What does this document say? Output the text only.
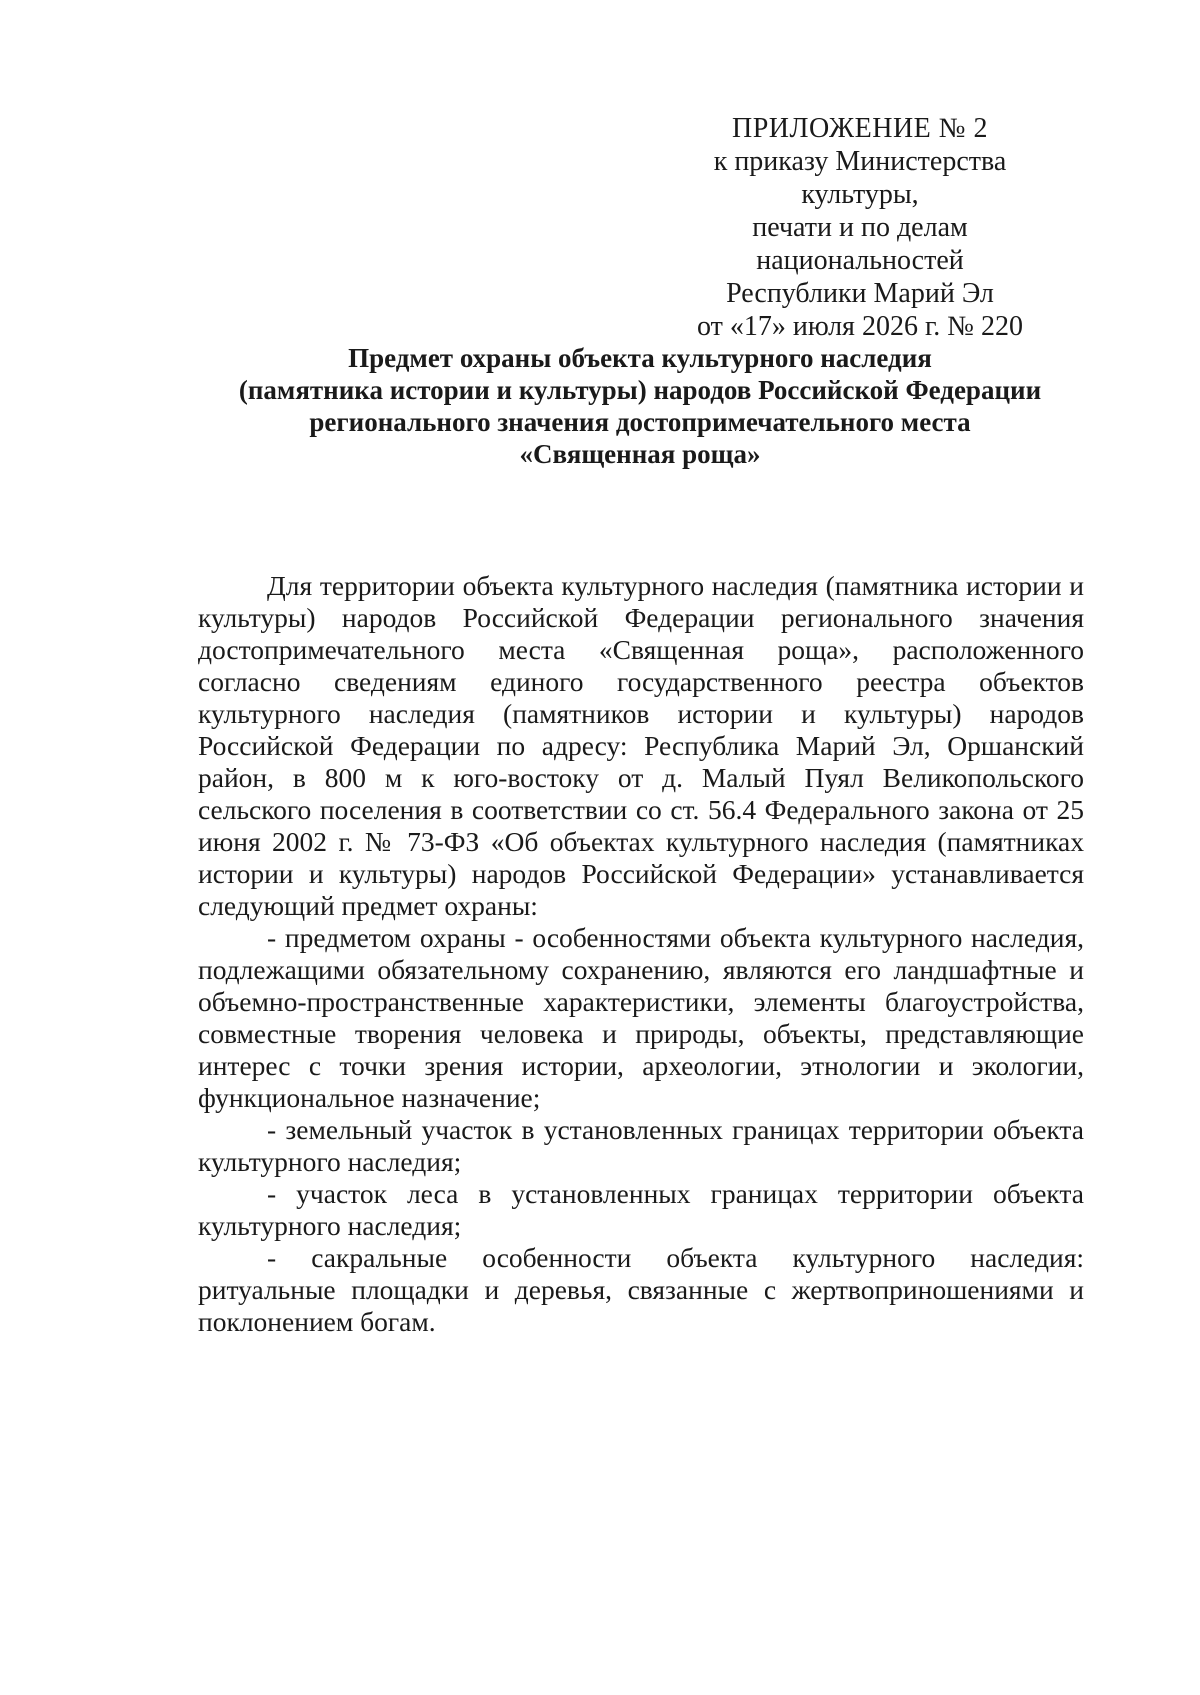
ПРИЛОЖЕНИЕ № 2
к приказу Министерства культуры,
печати и по делам национальностей
Республики Марий Эл
от «17» июля 2026 г. № 220
Предмет охраны объекта культурного наследия
(памятника истории и культуры) народов Российской Федерации
регионального значения достопримечательного места
«Священная роща»

Для территории объекта культурного наследия (памятника истории и культуры) народов Российской Федерации регионального значения достопримечательного места «Священная роща», расположенного согласно сведениям единого государственного реестра объектов культурного наследия (памятников истории и культуры) народов Российской Федерации по адресу: Республика Марий Эл, Оршанский район, в 800 м к юго-востоку от д. Малый Пуял Великопольского сельского поселения в соответствии со ст. 56.4 Федерального закона от 25 июня 2002 г. № 73-ФЗ «Об объектах культурного наследия (памятниках истории и культуры) народов Российской Федерации» устанавливается следующий предмет охраны:

- предметом охраны - особенностями объекта культурного наследия, подлежащими обязательному сохранению, являются его ландшафтные и объемно-пространственные характеристики, элементы благоустройства, совместные творения человека и природы, объекты, представляющие интерес с точки зрения истории, археологии, этнологии и экологии, функциональное назначение;

- земельный участок в установленных границах территории объекта культурного наследия;

- участок леса в установленных границах территории объекта культурного наследия;

- сакральные особенности объекта культурного наследия: ритуальные площадки и деревья, связанные с жертвоприношениями и поклонением богам.
